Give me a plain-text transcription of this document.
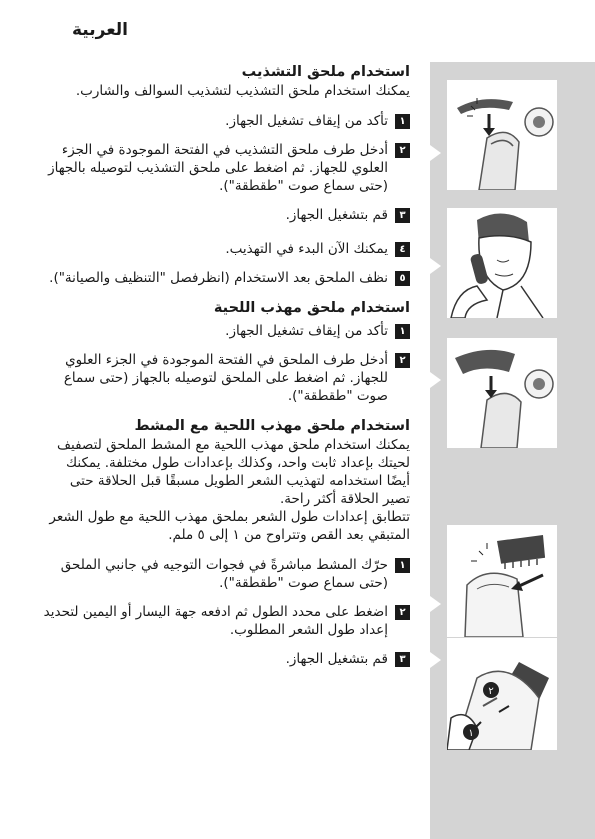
العربية
٢
١
استخدام ملحق التشذيب
يمكنك استخدام ملحق التشذيب لتشذيب السوالف والشارب.
١
تأكد من إيقاف تشغيل الجهاز.
٢
أدخل طرف ملحق التشذيب في الفتحة الموجودة في الجزء العلوي للجهاز. ثم اضغط على ملحق التشذيب لتوصيله بالجهاز (حتى سماع صوت "طقطقة").
٣
قم بتشغيل الجهاز.
٤
يمكنك الآن البدء في التهذيب.
٥
نظف الملحق بعد الاستخدام (انظرفصل "التنظيف والصيانة").
استخدام ملحق مهذب اللحية
١
تأكد من إيقاف تشغيل الجهاز.
٢
أدخل طرف الملحق في الفتحة الموجودة في الجزء العلوي للجهاز. ثم اضغط على الملحق لتوصيله بالجهاز (حتى سماع صوت "طقطقة").
استخدام ملحق مهذب اللحية مع المشط
يمكنك استخدام ملحق مهذب اللحية مع المشط الملحق لتصفيف لحيتك بإعداد ثابت واحد، وكذلك بإعدادات طول مختلفة. يمكنك أيضًا استخدامه لتهذيب الشعر الطويل مسبقًا قبل الحلاقة حتى تصير الحلاقة أكثر راحة.
تتطابق إعدادات طول الشعر بملحق مهذب اللحية مع طول الشعر المتبقي بعد القص وتتراوح من ١ إلى ٥ ملم.
١
حرّك المشط مباشرةً في فجوات التوجيه في جانبي الملحق (حتى سماع صوت "طقطقة").
٢
اضغط على محدد الطول ثم ادفعه جهة اليسار أو اليمين لتحديد إعداد طول الشعر المطلوب.
٣
قم بتشغيل الجهاز.
